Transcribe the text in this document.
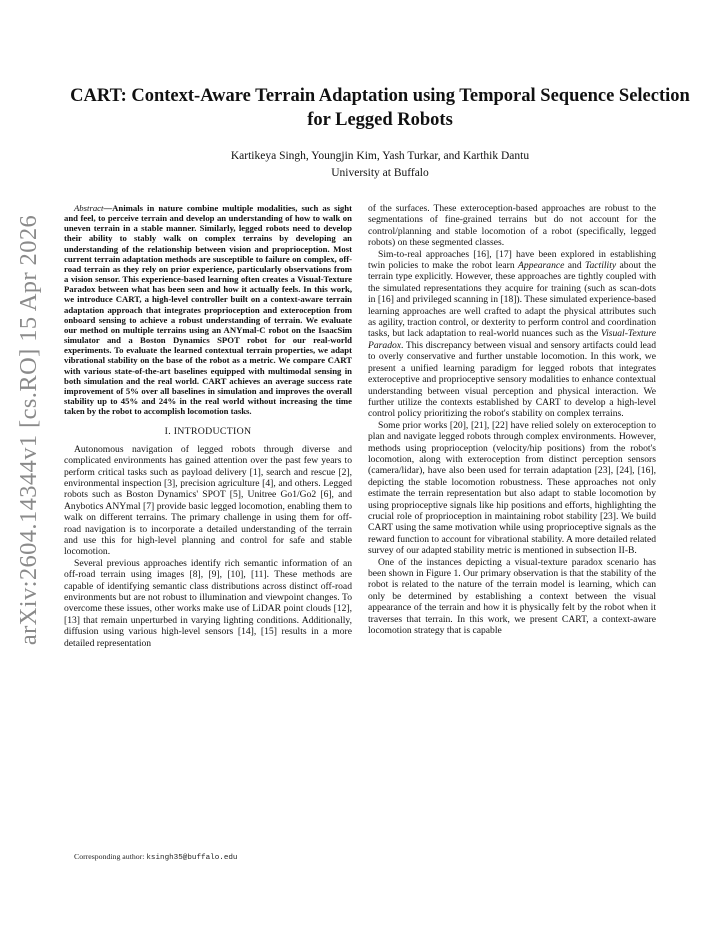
arXiv:2604.14344v1 [cs.RO] 15 Apr 2026
CART: Context-Aware Terrain Adaptation using Temporal Sequence Selection for Legged Robots
Kartikeya Singh, Youngjin Kim, Yash Turkar, and Karthik Dantu
University at Buffalo

Abstract—Animals in nature combine multiple modalities, such as sight and feel, to perceive terrain and develop an understanding of how to walk on uneven terrain in a stable manner. Similarly, legged robots need to develop their ability to stably walk on complex terrains by developing an understanding of the relationship between vision and proprioception. Most current terrain adaptation methods are susceptible to failure on complex, off-road terrain as they rely on prior experience, particularly observations from a vision sensor. This experience-based learning often creates a Visual-Texture Paradox between what has been seen and how it actually feels. In this work, we introduce CART, a high-level controller built on a context-aware terrain adaptation approach that integrates proprioception and exteroception from onboard sensing to achieve a robust understanding of terrain. We evaluate our method on multiple terrains using an ANYmal-C robot on the IsaacSim simulator and a Boston Dynamics SPOT robot for our real-world experiments. To evaluate the learned contextual terrain properties, we adapt vibrational stability on the base of the robot as a metric. We compare CART with various state-of-the-art baselines equipped with multimodal sensing in both simulation and the real world. CART achieves an average success rate improvement of 5% over all baselines in simulation and improves the overall stability up to 45% and 24% in the real world without increasing the time taken by the robot to accomplish locomotion tasks.

I. INTRODUCTION

Autonomous navigation of legged robots through diverse and complicated environments has gained attention over the past few years to perform critical tasks such as payload delivery [1], search and rescue [2], environmental inspection [3], precision agriculture [4], and others. Legged robots such as Boston Dynamics' SPOT [5], Unitree Go1/Go2 [6], and Anybotics ANYmal [7] provide basic legged locomotion, enabling them to walk on different terrains. The primary challenge in using them for off-road navigation is to incorporate a detailed understanding of the terrain and use this for high-level planning and control for safe and stable locomotion.

Several previous approaches identify rich semantic information of an off-road terrain using images [8], [9], [10], [11]. These methods are capable of identifying semantic class distributions across distinct off-road environments but are not robust to illumination and viewpoint changes. To overcome these issues, other works make use of LiDAR point clouds [12], [13] that remain unperturbed in varying lighting conditions. Additionally, diffusion using various high-level sensors [14], [15] results in a more detailed representation

of the surfaces. These exteroception-based approaches are robust to the segmentations of fine-grained terrains but do not account for the control/planning and stable locomotion of a robot (specifically, legged robots) on these segmented classes.

Sim-to-real approaches [16], [17] have been explored in establishing twin policies to make the robot learn Appearance and Tactility about the terrain type explicitly. However, these approaches are tightly coupled with the simulated representations they acquire for training (such as scan-dots in [16] and privileged scanning in [18]). These simulated experience-based learning approaches are well crafted to adapt the physical attributes such as agility, traction control, or dexterity to perform control and coordination tasks, but lack adaptation to real-world nuances such as the Visual-Texture Paradox. This discrepancy between visual and sensory artifacts could lead to overly conservative and further unstable locomotion. In this work, we present a unified learning paradigm for legged robots that integrates exteroceptive and proprioceptive sensory modalities to enhance contextual understanding between visual perception and physical interaction. We further utilize the contexts established by CART to develop a high-level control policy prioritizing the robot's stability on complex terrains.

Some prior works [20], [21], [22] have relied solely on exteroception to plan and navigate legged robots through complex environments. However, methods using proprioception (velocity/hip positions) from the robot's locomotion, along with exteroception from distinct perception sensors (camera/lidar), have also been used for terrain adaptation [23], [24], [16], depicting the stable locomotion robustness. These approaches not only estimate the terrain representation but also adapt to stable locomotion by using proprioceptive signals like hip positions and efforts, highlighting the crucial role of proprioception in maintaining robot stability [23]. We build CART using the same motivation while using proprioceptive signals as the reward function to account for vibrational stability. A more detailed related survey of our adapted stability metric is mentioned in subsection II-B.

One of the instances depicting a visual-texture paradox scenario has been shown in Figure 1. Our primary observation is that the stability of the robot is related to the nature of the terrain model is learning, which can only be determined by establishing a context between the visual appearance of the terrain and how it is physically felt by the robot when it traverses that terrain. In this work, we present CART, a context-aware locomotion strategy that is capable

Corresponding author: ksingh35@buffalo.edu
